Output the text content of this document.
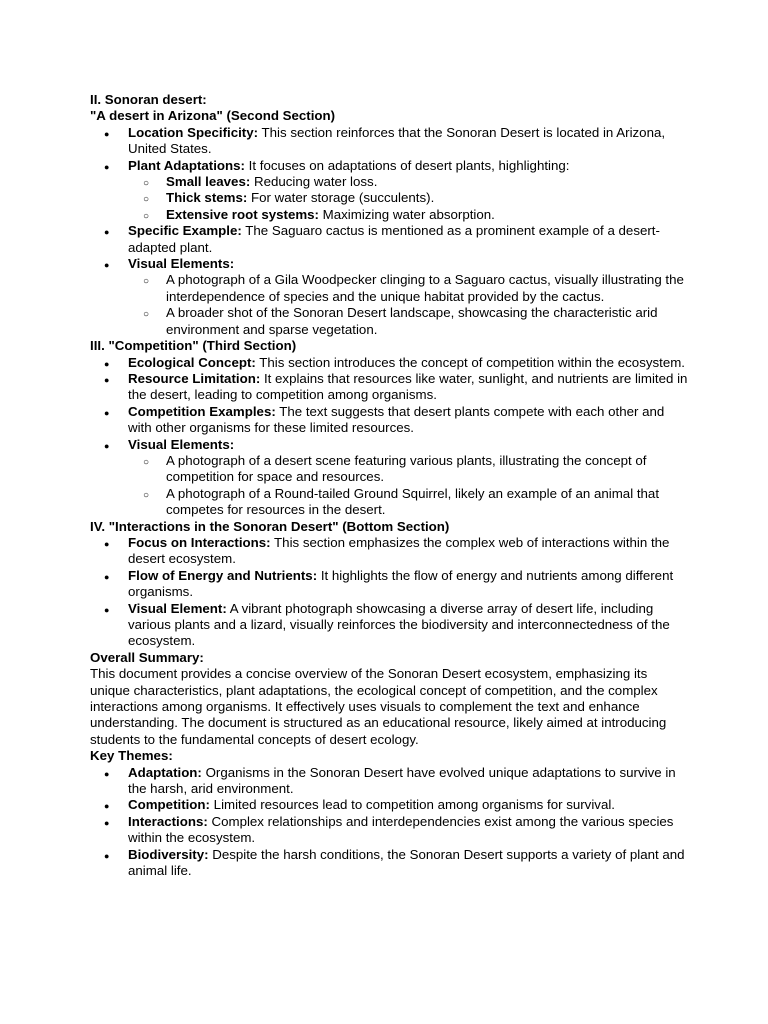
II. Sonoran desert:
"A desert in Arizona" (Second Section)
●
Location Specificity: This section reinforces that the Sonoran Desert is located in Arizona, United States.
●
Plant Adaptations: It focuses on adaptations of desert plants, highlighting:
○
Small leaves: Reducing water loss.
○
Thick stems: For water storage (succulents).
○
Extensive root systems: Maximizing water absorption.
●
Specific Example: The Saguaro cactus is mentioned as a prominent example of a desert-adapted plant.
●
Visual Elements:
○
A photograph of a Gila Woodpecker clinging to a Saguaro cactus, visually illustrating the interdependence of species and the unique habitat provided by the cactus.
○
A broader shot of the Sonoran Desert landscape, showcasing the characteristic arid environment and sparse vegetation.
III. "Competition" (Third Section)
●
Ecological Concept: This section introduces the concept of competition within the ecosystem.
●
Resource Limitation: It explains that resources like water, sunlight, and nutrients are limited in the desert, leading to competition among organisms.
●
Competition Examples: The text suggests that desert plants compete with each other and with other organisms for these limited resources.
●
Visual Elements:
○
A photograph of a desert scene featuring various plants, illustrating the concept of competition for space and resources.
○
A photograph of a Round-tailed Ground Squirrel, likely an example of an animal that competes for resources in the desert.
IV. "Interactions in the Sonoran Desert" (Bottom Section)
●
Focus on Interactions: This section emphasizes the complex web of interactions within the desert ecosystem.
●
Flow of Energy and Nutrients: It highlights the flow of energy and nutrients among different organisms.
●
Visual Element: A vibrant photograph showcasing a diverse array of desert life, including various plants and a lizard, visually reinforces the biodiversity and interconnectedness of the ecosystem.
Overall Summary:

This document provides a concise overview of the Sonoran Desert ecosystem, emphasizing its unique characteristics, plant adaptations, the ecological concept of competition, and the complex interactions among organisms. It effectively uses visuals to complement the text and enhance understanding. The document is structured as an educational resource, likely aimed at introducing students to the fundamental concepts of desert ecology.

Key Themes:
●
Adaptation: Organisms in the Sonoran Desert have evolved unique adaptations to survive in the harsh, arid environment.
●
Competition: Limited resources lead to competition among organisms for survival.
●
Interactions: Complex relationships and interdependencies exist among the various species within the ecosystem.
●
Biodiversity: Despite the harsh conditions, the Sonoran Desert supports a variety of plant and animal life.
